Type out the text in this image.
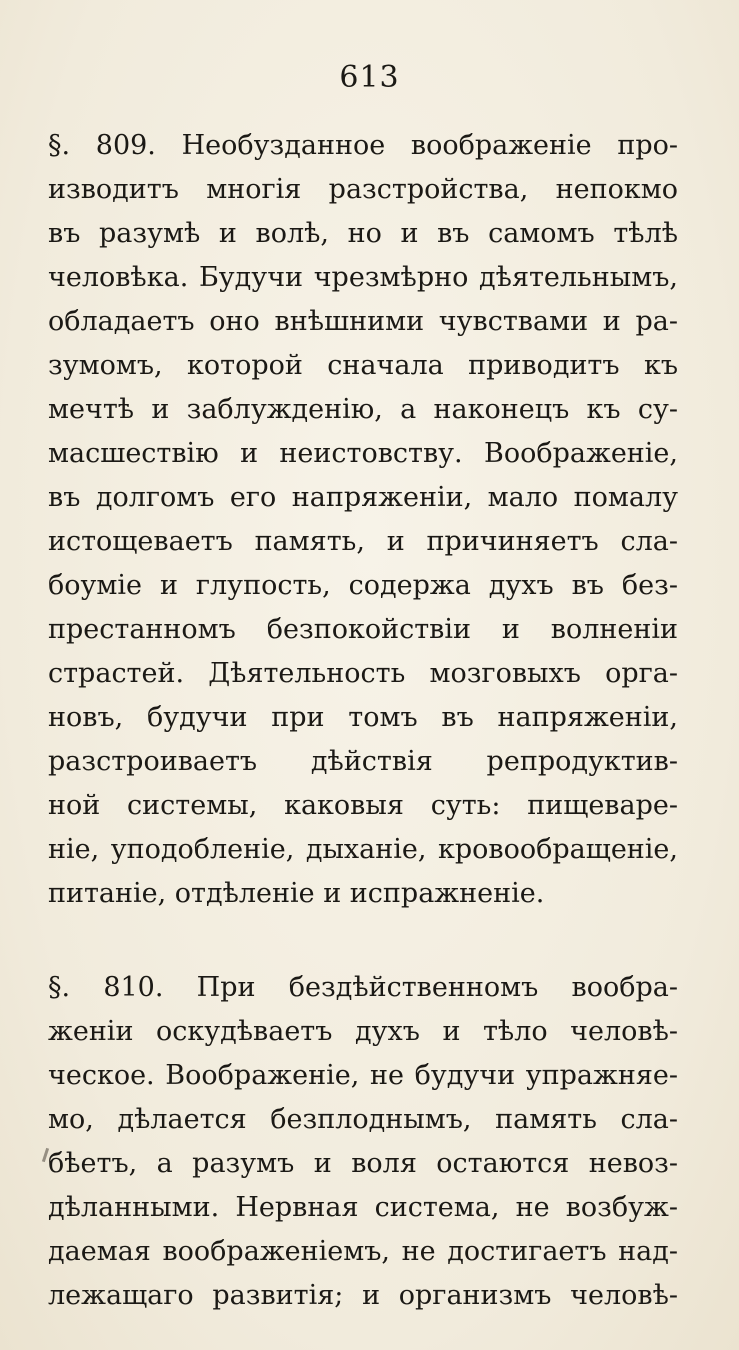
613
§. 809. Необузданное воображеніе про-
изводитъ многія разстройства, непокмо
въ разумѣ и волѣ, но и въ самомъ тѣлѣ
человѣка. Будучи чрезмѣрно дѣятельнымъ,
обладаетъ оно внѣшними чувствами и ра-
зумомъ, которой сначала приводитъ къ
мечтѣ и заблужденію, а наконецъ къ су-
масшествію и неистовству. Воображеніе,
въ долгомъ его напряженіи, мало помалу
истощеваетъ память, и причиняетъ сла-
боуміе и глупость, содержа духъ въ без-
престанномъ безпокойствіи и волненіи
страстей. Дѣятельность мозговыхъ орга-
новъ, будучи при томъ въ напряженіи,
разстроиваетъ дѣйствія репродуктив-
ной системы, каковыя суть: пищеваре-
ніе, уподобленіе, дыханіе, кровообращеніе,
питаніе, отдѣленіе и испражненіе.
§. 810. При бездѣйственномъ вообра-
женіи оскудѣваетъ духъ и тѣло человѣ-
ческое. Воображеніе, не будучи упражняе-
мо, дѣлается безплоднымъ, память сла-
бѣетъ, а разумъ и воля остаются невоз-
дѣланными. Нервная система, не возбуж-
даемая воображеніемъ, не достигаетъ над-
лежащаго развитія; и организмъ человѣ-
